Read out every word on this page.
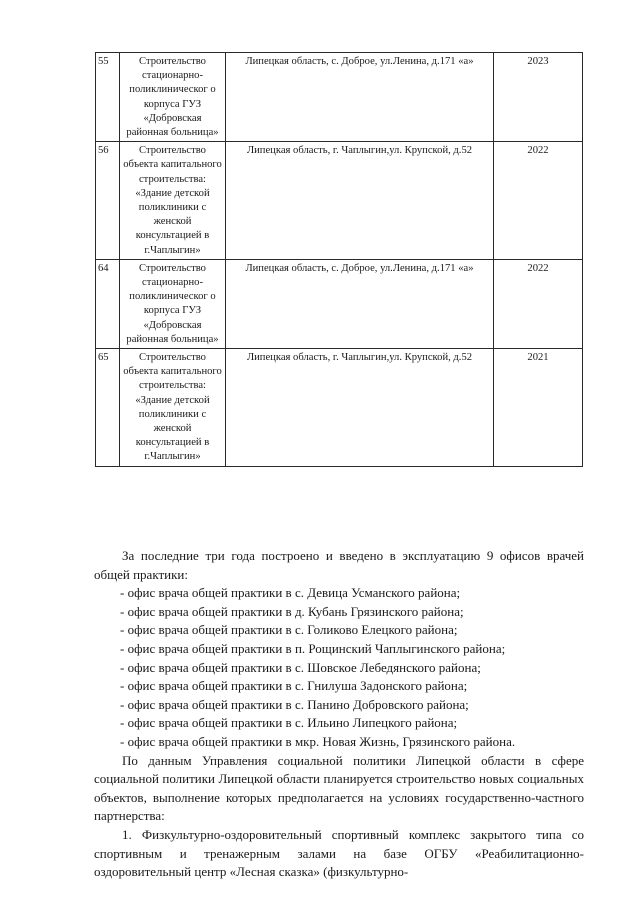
55	Строительство стационарно-поликлиническог о корпуса ГУЗ «Добровская районная больница»	Липецкая область, с. Доброе, ул.Ленина, д.171 «а»	2023
56	Строительство объекта капитального строительства: «Здание детской поликлиники с женской консультацией в г.Чаплыгин»	Липецкая область, г. Чаплыгин,ул. Крупской, д.52	2022
64	Строительство стационарно-поликлиническог о корпуса ГУЗ «Добровская районная больница»	Липецкая область, с. Доброе, ул.Ленина, д.171 «а»	2022
65	Строительство объекта капитального строительства: «Здание детской поликлиники с женской консультацией в г.Чаплыгин»	Липецкая область, г. Чаплыгин,ул. Крупской, д.52	2021

За последние три года построено и введено в эксплуатацию 9 офисов врачей общей практики:

- офис врача общей практики в с. Девица Усманского района;
- офис врача общей практики в д. Кубань Грязинского района;
- офис врача общей практики в с. Голиково Елецкого района;
- офис врача общей практики в п. Рощинский Чаплыгинского района;
- офис врача общей практики в с. Шовское Лебедянского района;
- офис врача общей практики в с. Гнилуша Задонского района;
- офис врача общей практики в с. Панино Добровского района;
- офис врача общей практики в с. Ильино Липецкого района;
- офис врача общей практики в мкр. Новая Жизнь, Грязинского района.

По данным Управления социальной политики Липецкой области в сфере социальной политики Липецкой области планируется строительство новых социальных объектов, выполнение которых предполагается на условиях государственно-частного партнерства:

1. Физкультурно-оздоровительный спортивный комплекс закрытого типа со спортивным и тренажерным залами на базе ОГБУ «Реабилитационно- оздоровительный центр «Лесная сказка» (физкультурно-
